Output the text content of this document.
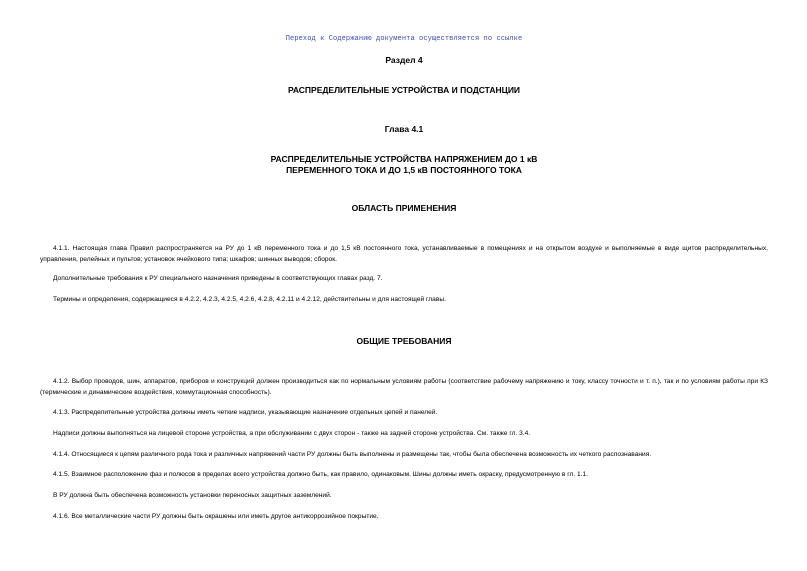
Переход к Содержанию документа осуществляется по ссылке
Раздел 4
РАСПРЕДЕЛИТЕЛЬНЫЕ УСТРОЙСТВА И ПОДСТАНЦИИ
Глава 4.1
РАСПРЕДЕЛИТЕЛЬНЫЕ УСТРОЙСТВА НАПРЯЖЕНИЕМ ДО 1 кВ
ПЕРЕМЕННОГО ТОКА И ДО 1,5 кВ ПОСТОЯННОГО ТОКА
ОБЛАСТЬ ПРИМЕНЕНИЯ
4.1.1. Настоящая глава Правил распространяется на РУ до 1 кВ переменного тока и до 1,5 кВ постоянного тока, устанавливаемые в помещениях и на открытом воздухе и выполняемые в виде щитов распределительных, управления, релейных и пультов; установок ячейкового типа; шкафов; шинных выводов; сборок.
Дополнительные требования к РУ специального назначения приведены в соответствующих главах разд. 7.
Термины и определения, содержащиеся в 4.2.2, 4.2.3, 4.2.5, 4.2.6, 4.2.8, 4.2.11 и 4.2.12, действительны и для настоящей главы.
ОБЩИЕ ТРЕБОВАНИЯ
4.1.2. Выбор проводов, шин, аппаратов, приборов и конструкций должен производиться как по нормальным условиям работы (соответствие рабочему напряжению и току, классу точности и т. п.), так и по условиям работы при КЗ (термические и динамические воздействия, коммутационная способность).
4.1.3. Распределительные устройства должны иметь четкие надписи, указывающие назначение отдельных цепей и панелей.
Надписи должны выполняться на лицевой стороне устройства, а при обслуживании с двух сторон - также на задней стороне устройства. См. также гл. 3.4.
4.1.4. Относящиеся к цепям различного рода тока и различных напряжений части РУ должны быть выполнены и размещены так, чтобы была обеспечена возможность их четкого распознавания.
4.1.5. Взаимное расположение фаз и полюсов в пределах всего устройства должно быть, как правило, одинаковым. Шины должны иметь окраску, предусмотренную в гл. 1.1.
В РУ должна быть обеспечена возможность установки переносных защитных заземлений.
4.1.6. Все металлические части РУ должны быть окрашены или иметь другое антикоррозийное покрытие.
